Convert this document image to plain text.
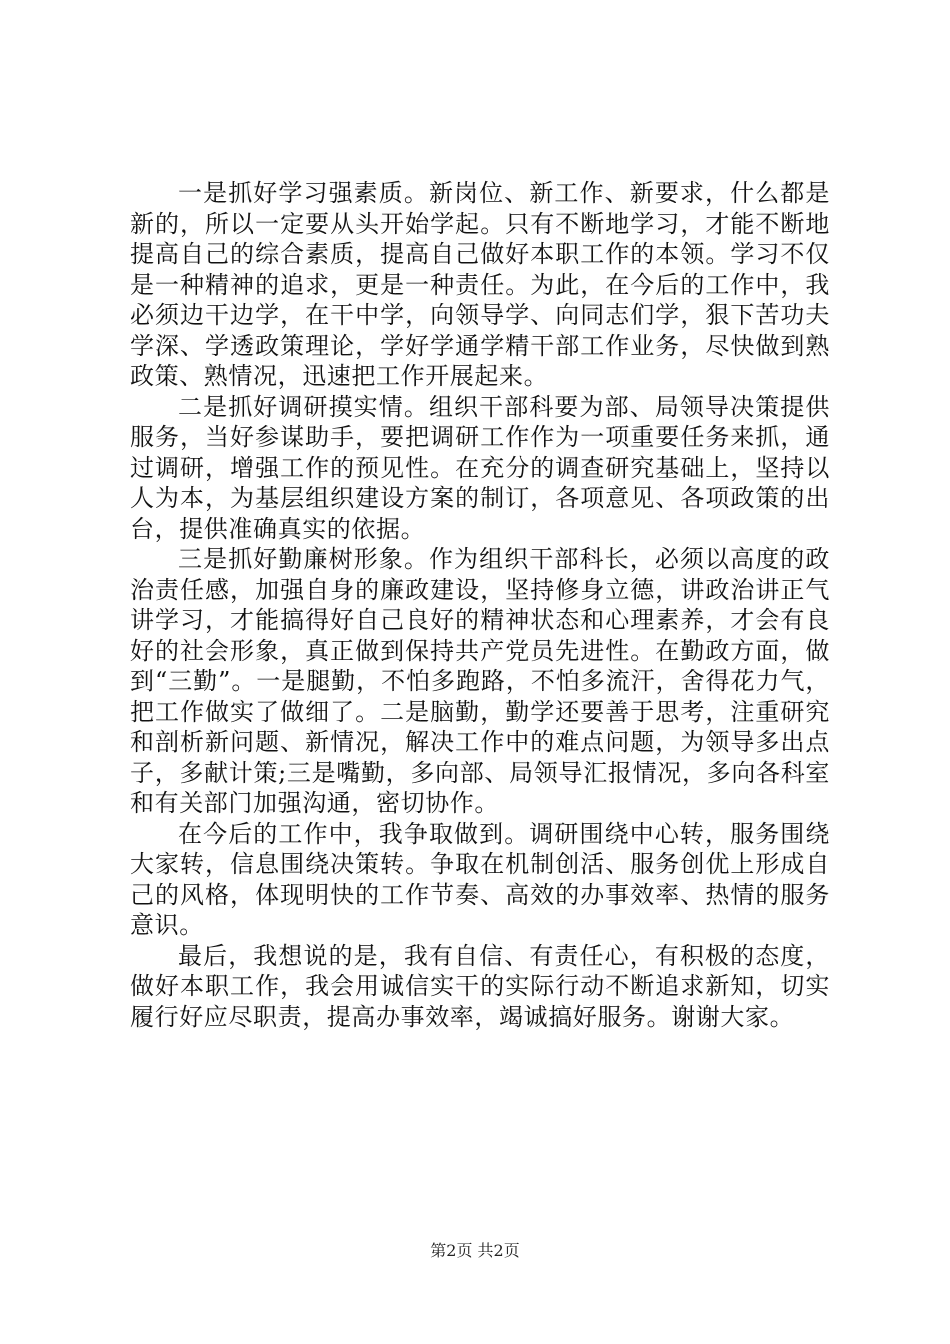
一是抓好学习强素质。新岗位、新工作、新要求，什么都是新的，所以一定要从头开始学起。只有不断地学习，才能不断地提高自己的综合素质，提高自己做好本职工作的本领。学习不仅是一种精神的追求，更是一种责任。为此，在今后的工作中，我必须边干边学，在干中学，向领导学、向同志们学，狠下苦功夫学深、学透政策理论，学好学通学精干部工作业务，尽快做到熟政策、熟情况，迅速把工作开展起来。

二是抓好调研摸实情。组织干部科要为部、局领导决策提供服务，当好参谋助手，要把调研工作作为一项重要任务来抓，通过调研，增强工作的预见性。在充分的调查研究基础上，坚持以人为本，为基层组织建设方案的制订，各项意见、各项政策的出台，提供准确真实的依据。

三是抓好勤廉树形象。作为组织干部科长，必须以高度的政治责任感，加强自身的廉政建设，坚持修身立德，讲政治讲正气讲学习，才能搞得好自己良好的精神状态和心理素养，才会有良好的社会形象，真正做到保持共产党员先进性。在勤政方面，做到“三勤”。一是腿勤，不怕多跑路，不怕多流汗，舍得花力气，把工作做实了做细了。二是脑勤，勤学还要善于思考，注重研究和剖析新问题、新情况，解决工作中的难点问题，为领导多出点子，多献计策;三是嘴勤，多向部、局领导汇报情况，多向各科室和有关部门加强沟通，密切协作。

在今后的工作中，我争取做到。调研围绕中心转，服务围绕大家转，信息围绕决策转。争取在机制创活、服务创优上形成自己的风格，体现明快的工作节奏、高效的办事效率、热情的服务意识。

最后，我想说的是，我有自信、有责任心，有积极的态度，做好本职工作，我会用诚信实干的实际行动不断追求新知，切实履行好应尽职责，提高办事效率，竭诚搞好服务。谢谢大家。

第2页 共2页
